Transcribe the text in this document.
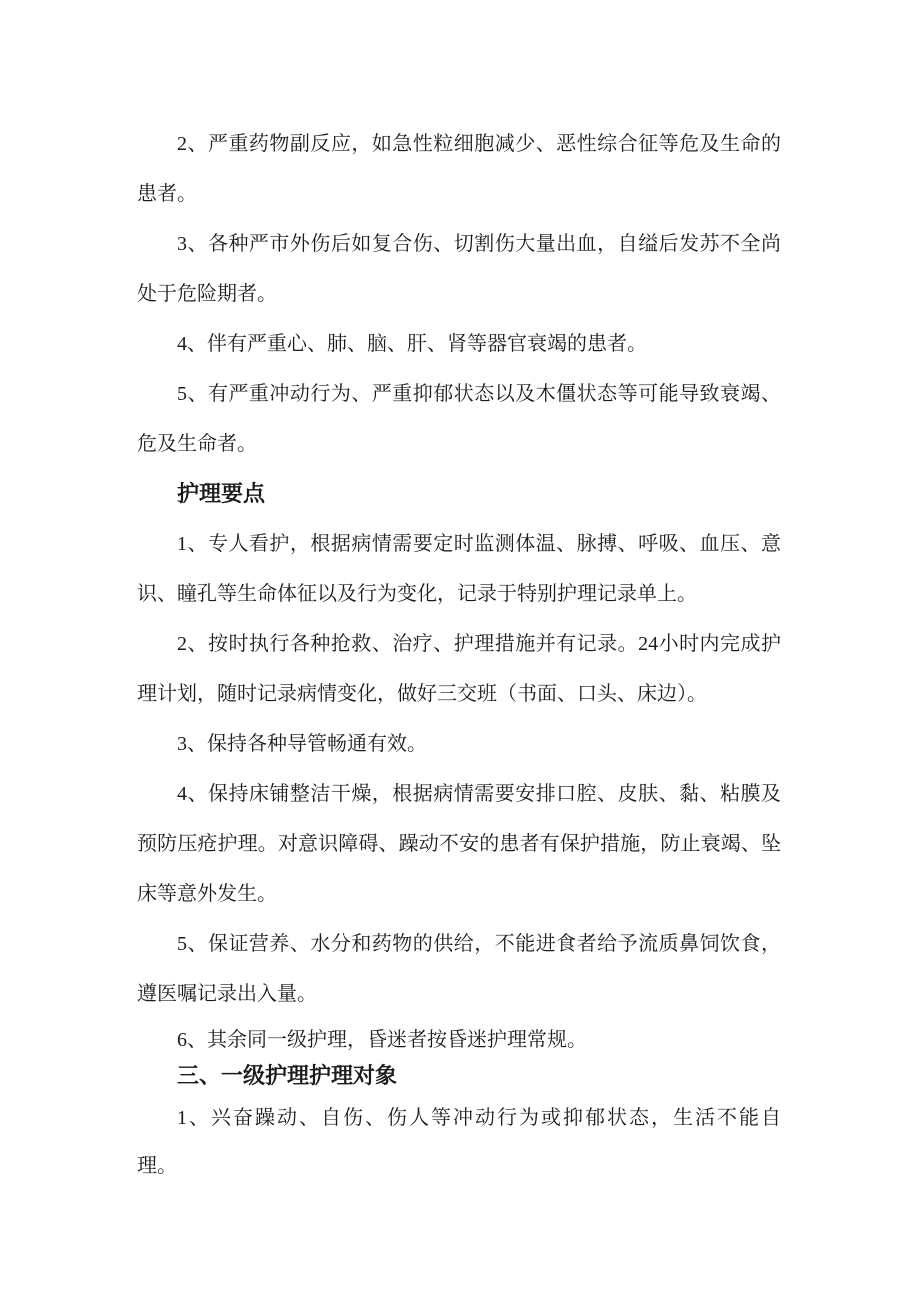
2、严重药物副反应，如急性粒细胞减少、恶性综合征等危及生命的
患者。
3、各种严市外伤后如复合伤、切割伤大量出血，自缢后发苏不全尚
处于危险期者。
4、伴有严重心、肺、脑、肝、肾等器官衰竭的患者。
5、有严重冲动行为、严重抑郁状态以及木僵状态等可能导致衰竭、
危及生命者。
护理要点
1、专人看护，根据病情需要定时监测体温、脉搏、呼吸、血压、意
识、瞳孔等生命体征以及行为变化，记录于特别护理记录单上。
2、按时执行各种抢救、治疗、护理措施并有记录。24小时内完成护
理计划，随时记录病情变化，做好三交班（书面、口头、床边）。
3、保持各种导管畅通有效。
4、保持床铺整洁干燥，根据病情需要安排口腔、皮肤、黏、粘膜及
预防压疮护理。对意识障碍、躁动不安的患者有保护措施，防止衰竭、坠
床等意外发生。
5、保证营养、水分和药物的供给，不能进食者给予流质鼻饲饮食，
遵医嘱记录出入量。
6、其余同一级护理，昏迷者按昏迷护理常规。
三、一级护理护理对象
1、兴奋躁动、自伤、伤人等冲动行为或抑郁状态，生活不能自
理。
